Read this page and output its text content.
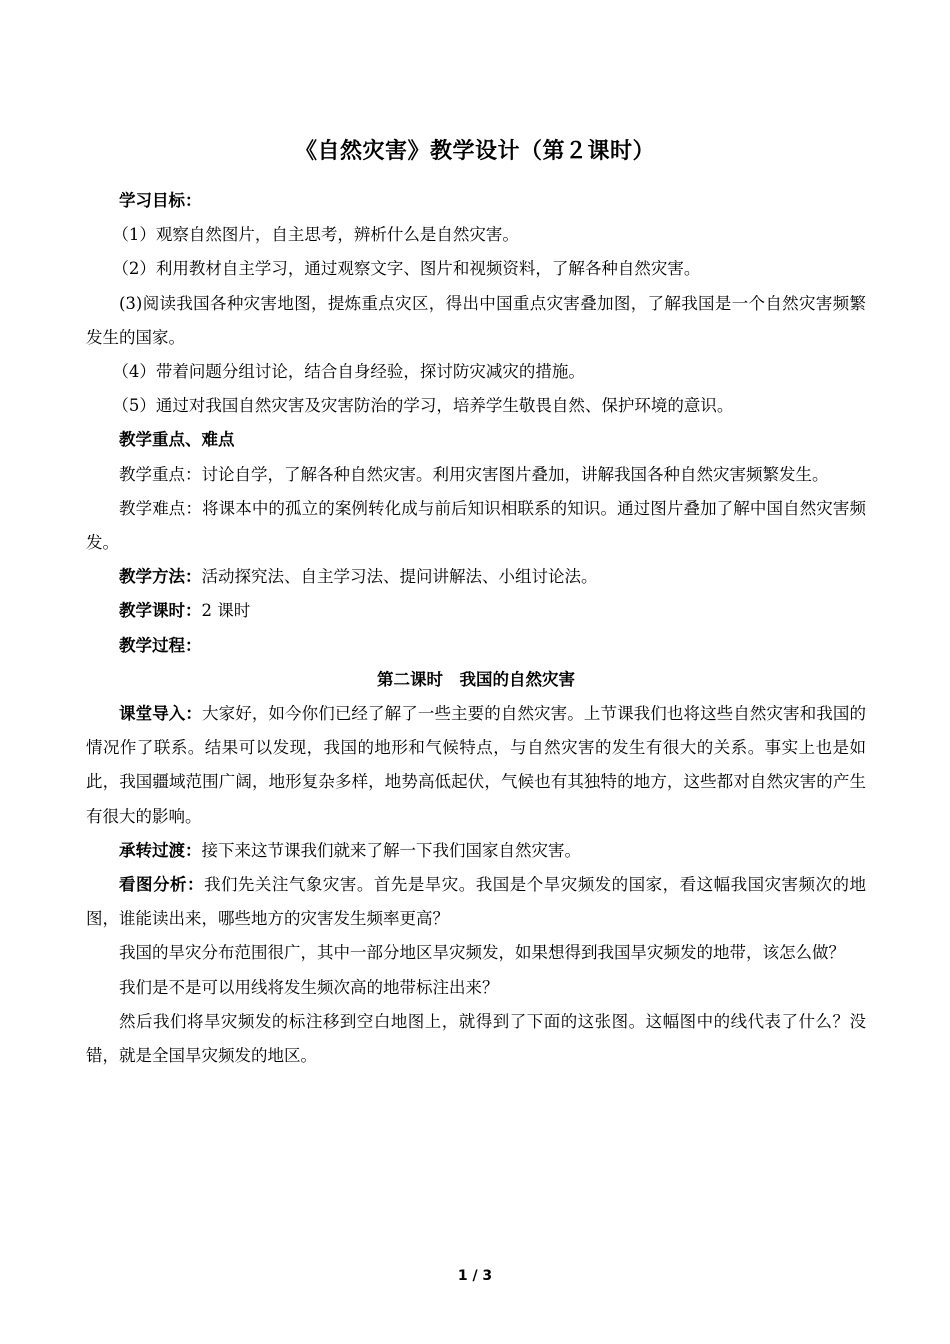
《自然灾害》教学设计（第２课时）

学习目标：

（1）观察自然图片，自主思考，辨析什么是自然灾害。

（2）利用教材自主学习，通过观察文字、图片和视频资料，了解各种自然灾害。

(3)阅读我国各种灾害地图，提炼重点灾区，得出中国重点灾害叠加图，了解我国是一个自然灾害频繁发生的国家。

（4）带着问题分组讨论，结合自身经验，探讨防灾减灾的措施。

（5）通过对我国自然灾害及灾害防治的学习，培养学生敬畏自然、保护环境的意识。

教学重点、难点

教学重点：讨论自学，了解各种自然灾害。利用灾害图片叠加，讲解我国各种自然灾害频繁发生。

教学难点：将课本中的孤立的案例转化成与前后知识相联系的知识。通过图片叠加了解中国自然灾害频发。

教学方法：活动探究法、自主学习法、提问讲解法、小组讨论法。

教学课时：2 课时

教学过程：

第二课时　我国的自然灾害

课堂导入：大家好，如今你们已经了解了一些主要的自然灾害。上节课我们也将这些自然灾害和我国的情况作了联系。结果可以发现，我国的地形和气候特点，与自然灾害的发生有很大的关系。事实上也是如此，我国疆域范围广阔，地形复杂多样，地势高低起伏，气候也有其独特的地方，这些都对自然灾害的产生有很大的影响。

承转过渡：接下来这节课我们就来了解一下我们国家自然灾害。

看图分析：我们先关注气象灾害。首先是旱灾。我国是个旱灾频发的国家，看这幅我国灾害频次的地图，谁能读出来，哪些地方的灾害发生频率更高？

我国的旱灾分布范围很广，其中一部分地区旱灾频发，如果想得到我国旱灾频发的地带，该怎么做？

我们是不是可以用线将发生频次高的地带标注出来？

然后我们将旱灾频发的标注移到空白地图上，就得到了下面的这张图。这幅图中的线代表了什么？没错，就是全国旱灾频发的地区。

1 / 3
